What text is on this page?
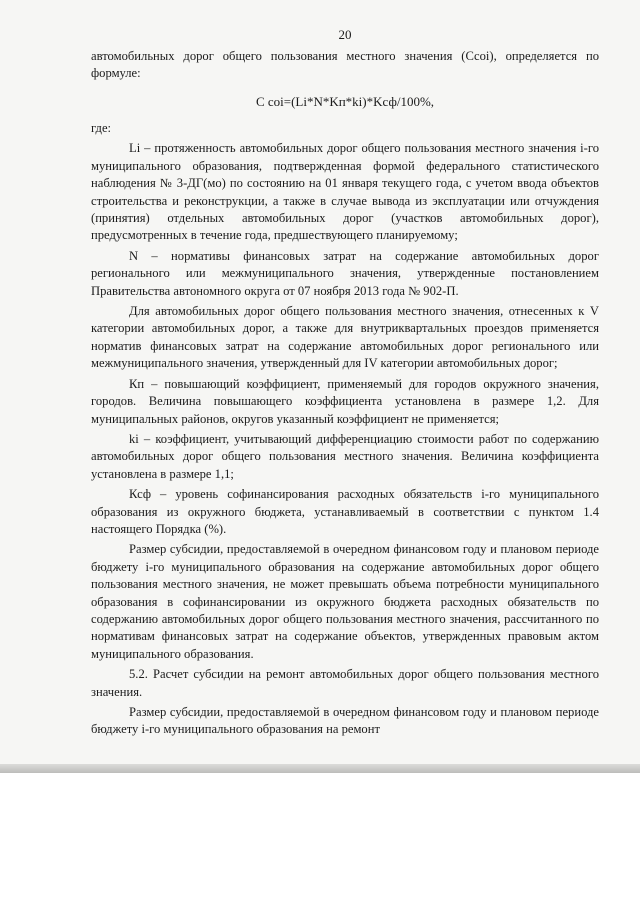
20

автомобильных дорог общего пользования местного значения (Ссоi), определяется по формуле:

С coi=(Li*N*Kп*ki)*Kсф/100%,

где:

Li – протяженность автомобильных дорог общего пользования местного значения i-го муниципального образования, подтвержденная формой федерального статистического наблюдения № 3-ДГ(мо) по состоянию на 01 января текущего года, с учетом ввода объектов строительства и реконструкции, а также в случае вывода из эксплуатации или отчуждения (принятия) отдельных автомобильных дорог (участков автомобильных дорог), предусмотренных в течение года, предшествующего планируемому;

N – нормативы финансовых затрат на содержание автомобильных дорог регионального или межмуниципального значения, утвержденные постановлением Правительства автономного округа от 07 ноября 2013 года № 902-П.

Для автомобильных дорог общего пользования местного значения, отнесенных к V категории автомобильных дорог, а также для внутриквартальных проездов применяется норматив финансовых затрат на содержание автомобильных дорог регионального или межмуниципального значения, утвержденный для IV категории автомобильных дорог;

Кп – повышающий коэффициент, применяемый для городов окружного значения, городов. Величина повышающего коэффициента установлена в размере 1,2. Для муниципальных районов, округов указанный коэффициент не применяется;

ki – коэффициент, учитывающий дифференциацию стоимости работ по содержанию автомобильных дорог общего пользования местного значения. Величина коэффициента установлена в размере 1,1;

Ксф – уровень софинансирования расходных обязательств i-го муниципального образования из окружного бюджета, устанавливаемый в соответствии с пунктом 1.4 настоящего Порядка (%).

Размер субсидии, предоставляемой в очередном финансовом году и плановом периоде бюджету i-го муниципального образования на содержание автомобильных дорог общего пользования местного значения, не может превышать объема потребности муниципального образования в софинансировании из окружного бюджета расходных обязательств по содержанию автомобильных дорог общего пользования местного значения, рассчитанного по нормативам финансовых затрат на содержание объектов, утвержденных правовым актом муниципального образования.

5.2. Расчет субсидии на ремонт автомобильных дорог общего пользования местного значения.

Размер субсидии, предоставляемой в очередном финансовом году и плановом периоде бюджету i-го муниципального образования на ремонт
